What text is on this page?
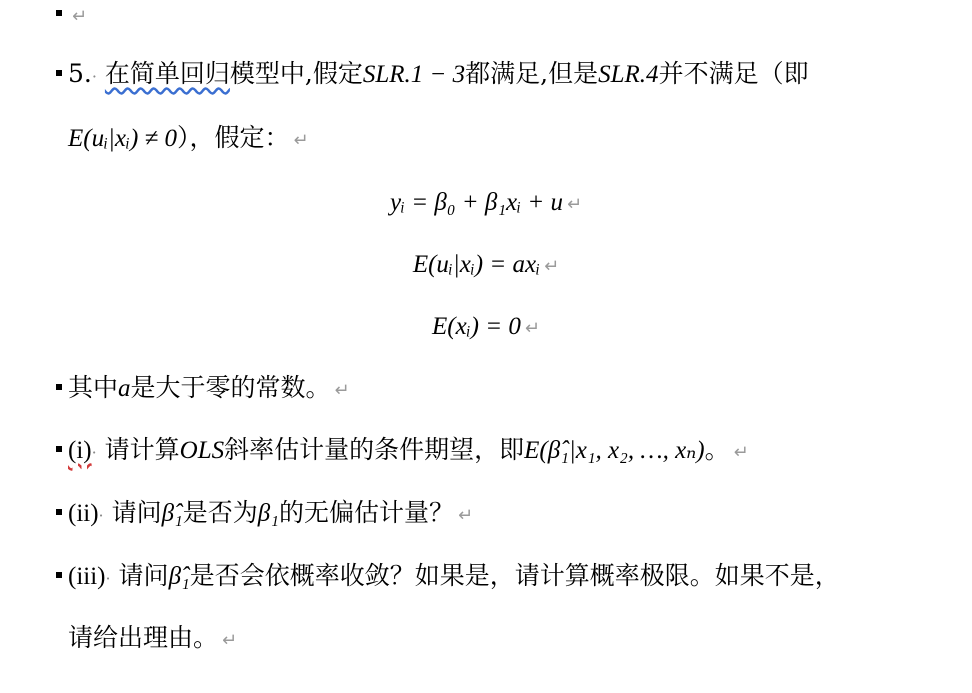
↵
5.· 在简单回归模型中,假定SLR.1 − 3都满足,但是SLR.4并不满足（即
E(uᵢ|xᵢ) ≠ 0），假定： ↵
yᵢ = β₀ + β₁xᵢ + u ↵
E(uᵢ|xᵢ) = axᵢ ↵
E(xᵢ) = 0 ↵
其中a是大于零的常数。 ↵
(i)· 请计算OLS斜率估计量的条件期望，即E(β̂₁|x₁, x₂, …, xₙ)。 ↵
(ii)· 请问β̂₁是否为β₁的无偏估计量？ ↵
(iii)· 请问β̂₁是否会依概率收敛？如果是，请计算概率极限。如果不是，
请给出理由。 ↵
